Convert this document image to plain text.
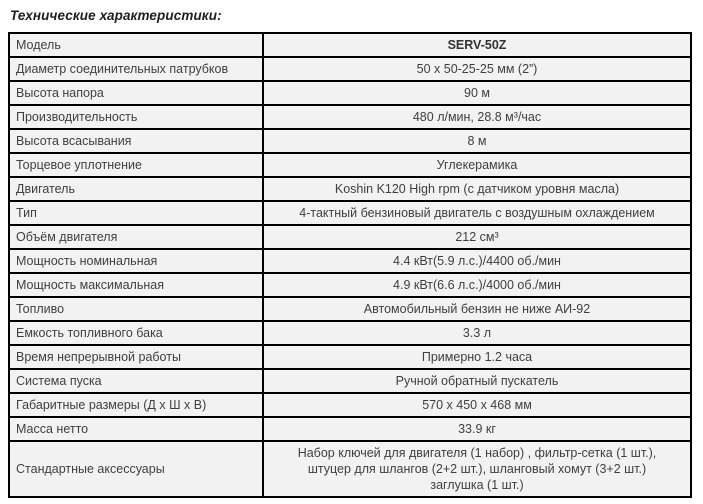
Технические характеристики:
Модель	SERV-50Z
Диаметр соединительных патрубков	50 x 50-25-25 мм (2”)
Высота напора	90 м
Производительность	480 л/мин, 28.8 м³/час
Высота всасывания	8 м
Торцевое уплотнение	Углекерамика
Двигатель	Koshin K120 High rpm (с датчиком уровня масла)
Тип	4-тактный бензиновый двигатель с воздушным охлаждением
Объём двигателя	212 см³
Мощность номинальная	4.4 кВт(5.9 л.с.)/4400 об./мин
Мощность максимальная	4.9 кВт(6.6 л.с.)/4000 об./мин
Топливо	Автомобильный бензин не ниже АИ-92
Емкость топливного бака	3.3 л
Время непрерывной работы	Примерно 1.2 часа
Система пуска	Ручной обратный пускатель
Габаритные размеры (Д х Ш х В)	570 х 450 х 468 мм
Масса нетто	33.9 кг
Стандартные аксессуары	Набор ключей для двигателя (1 набор) , фильтр-сетка (1 шт.),
штуцер для шлангов (2+2 шт.), шланговый хомут (3+2 шт.)
заглушка (1 шт.)
